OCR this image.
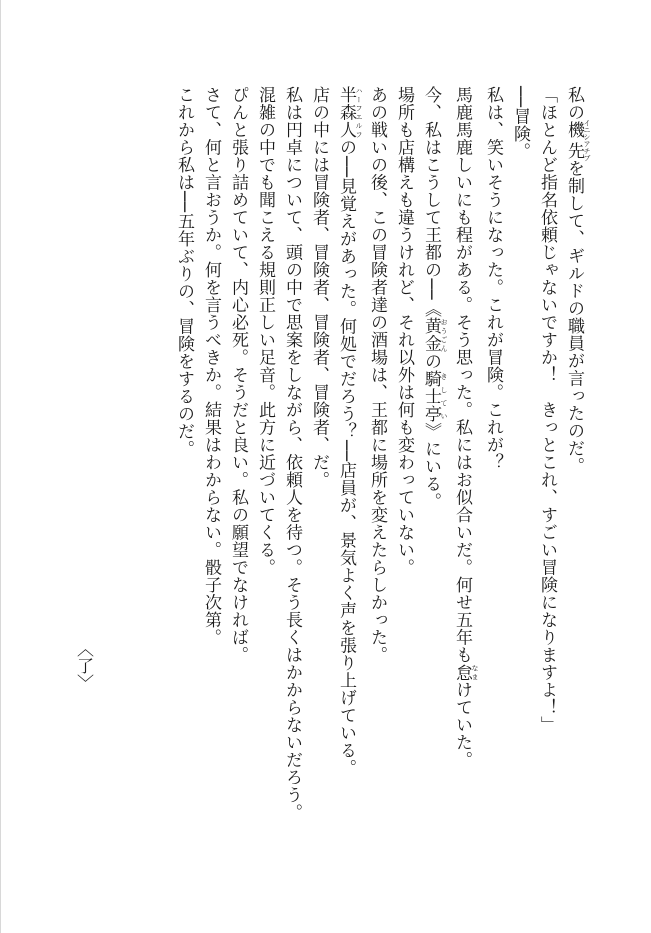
私の機先 イニシアチブを制して、ギルドの職員が言ったのだ。
「ほとんど指名依頼じゃないですか！　きっとこれ、すごい冒険になりますよ！」
──冒険。
私は、笑いそうになった。これが冒険。これが？
馬鹿馬鹿しいにも程がある。そう思った。私にはお似合いだ。何せ五年も怠 なまけていた。
今、私はこうして王都の──《黄金 おうごんの騎士亭 きしてい》にいる。
場所も店構えも違うけれど、それ以外は何も変わっていない。
あの戦いの後、この冒険者達の酒場は、王都に場所を変えたらしかった。
半森人 ハーフエルフの──見覚えがあった。何処でだろう？──店員が、景気よく声を張り上げている。
店の中には冒険者、冒険者、冒険者、冒険者、だ。
私は円卓について、頭の中で思案をしながら、依頼人を待つ。そう長くはかからないだろう。
混雑の中でも聞こえる規則正しい足音。此方に近づいてくる。
ぴんと張り詰めていて、内心必死。そうだと良い。私の願望でなければ。
さて、何と言おうか。何を言うべきか。結果はわからない。骰子次第。
これから私は──五年ぶりの、冒険をするのだ。
〈了〉
